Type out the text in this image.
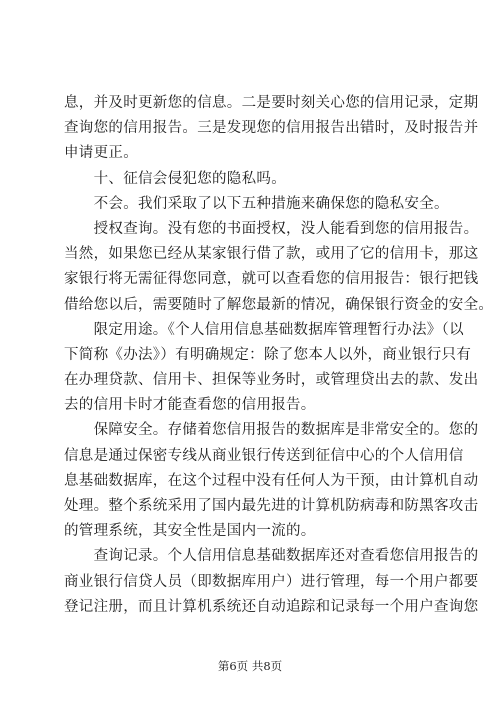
息，并及时更新您的信息。二是要时刻关心您的信用记录，定期
查询您的信用报告。三是发现您的信用报告出错时，及时报告并
申请更正。
　　十、征信会侵犯您的隐私吗。
　　不会。我们采取了以下五种措施来确保您的隐私安全。
　　授权查询。没有您的书面授权，没人能看到您的信用报告。
当然，如果您已经从某家银行借了款，或用了它的信用卡，那这
家银行将无需征得您同意，就可以查看您的信用报告：银行把钱
借给您以后，需要随时了解您最新的情况，确保银行资金的安全。
　　限定用途。《个人信用信息基础数据库管理暂行办法》（以
下简称《办法》）有明确规定：除了您本人以外，商业银行只有
在办理贷款、信用卡、担保等业务时，或管理贷出去的款、发出
去的信用卡时才能查看您的信用报告。
　　保障安全。存储着您信用报告的数据库是非常安全的。您的
信息是通过保密专线从商业银行传送到征信中心的个人信用信
息基础数据库，在这个过程中没有任何人为干预，由计算机自动
处理。整个系统采用了国内最先进的计算机防病毒和防黑客攻击
的管理系统，其安全性是国内一流的。
　　查询记录。个人信用信息基础数据库还对查看您信用报告的
商业银行信贷人员（即数据库用户）进行管理，每一个用户都要
登记注册，而且计算机系统还自动追踪和记录每一个用户查询您
第6页 共8页
